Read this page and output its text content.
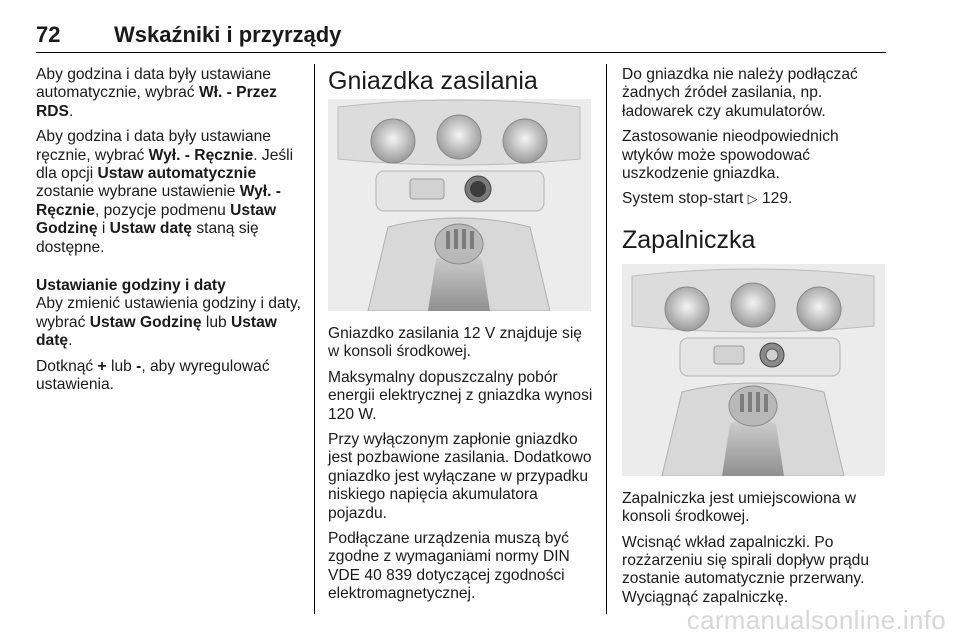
72 Wskaźniki i przyrządy

Aby godzina i data były ustawiane automatycznie, wybrać Wł. - Przez RDS.

Aby godzina i data były ustawiane ręcznie, wybrać Wył. - Ręcznie. Jeśli dla opcji Ustaw automatycznie zostanie wybrane ustawienie Wył. - Ręcznie, pozycje podmenu Ustaw Godzinę i Ustaw datę staną się dostępne.

Ustawianie godziny i daty

Aby zmienić ustawienia godziny i daty, wybrać Ustaw Godzinę lub Ustaw datę.

Dotknąć + lub -, aby wyregulować ustawienia.

Gniazdka zasilania

Gniazdko zasilania 12 V znajduje się w konsoli środkowej.

Maksymalny dopuszczalny pobór energii elektrycznej z gniazdka wynosi 120 W.

Przy wyłączonym zapłonie gniazdko jest pozbawione zasilania. Dodatkowo gniazdko jest wyłączane w przypadku niskiego napięcia akumulatora pojazdu.

Podłączane urządzenia muszą być zgodne z wymaganiami normy DIN VDE 40 839 dotyczącej zgodności elektromagnetycznej.

Do gniazdka nie należy podłączać żadnych źródeł zasilania, np. ładowarek czy akumulatorów.

Zastosowanie nieodpowiednich wtyków może spowodować uszkodzenie gniazdka.

System stop-start ▷ 129.

Zapalniczka

Zapalniczka jest umiejscowiona w konsoli środkowej.

Wcisnąć wkład zapalniczki. Po rozżarzeniu się spirali dopływ prądu zostanie automatycznie przerwany. Wyciągnąć zapalniczkę.

carmanualsonline.info
